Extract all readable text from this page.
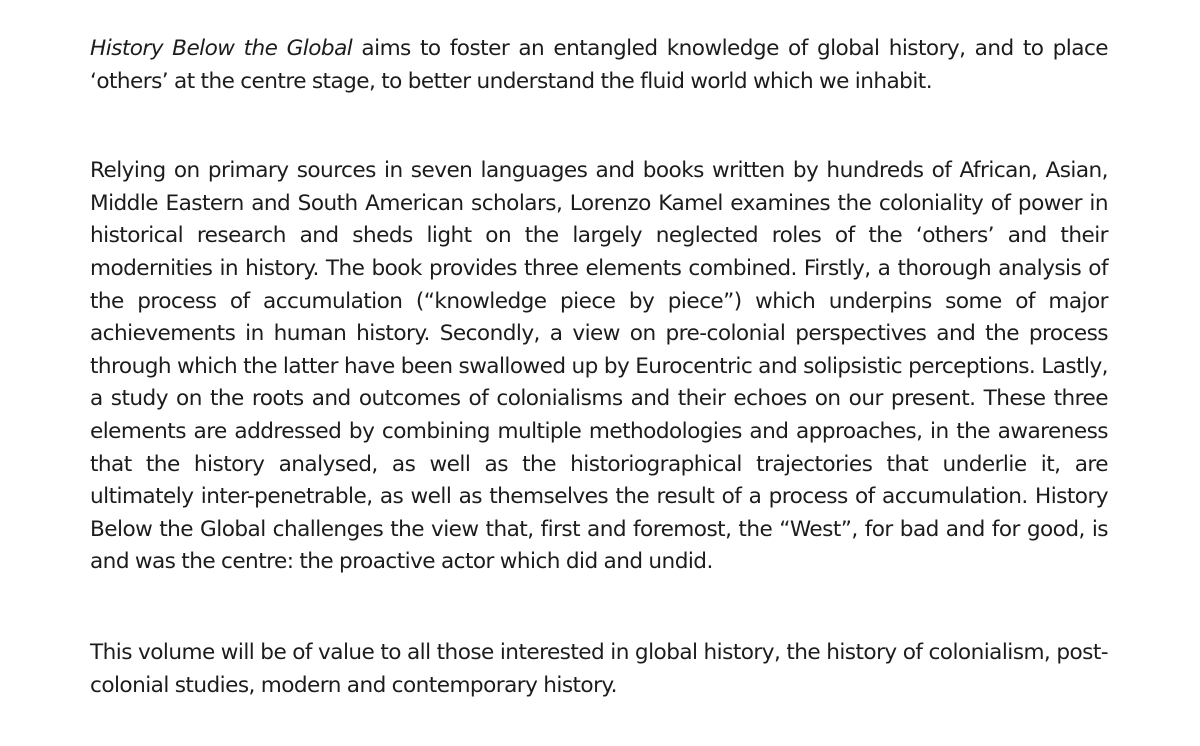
History Below the Global aims to foster an entangled knowledge of global history, and to place ‘others’ at the centre stage, to better understand the fluid world which we inhabit.

Relying on primary sources in seven languages and books written by hundreds of African, Asian, Middle Eastern and South American scholars, Lorenzo Kamel examines the coloniality of power in historical research and sheds light on the largely neglected roles of the ‘others’ and their modernities in history. The book provides three elements combined. Firstly, a thorough analysis of the process of accumulation (“knowledge piece by piece”) which underpins some of major achievements in human history. Secondly, a view on pre-colonial perspectives and the process through which the latter have been swallowed up by Eurocentric and solipsistic perceptions. Lastly, a study on the roots and outcomes of colonialisms and their echoes on our present. These three elements are addressed by combining multiple methodologies and approaches, in the awareness that the history analysed, as well as the historiographical trajectories that underlie it, are ultimately inter-penetrable, as well as themselves the result of a process of accumulation. History Below the Global challenges the view that, first and foremost, the “West”, for bad and for good, is and was the centre: the proactive actor which did and undid.

This volume will be of value to all those interested in global history, the history of colonialism, post-colonial studies, modern and contemporary history.
